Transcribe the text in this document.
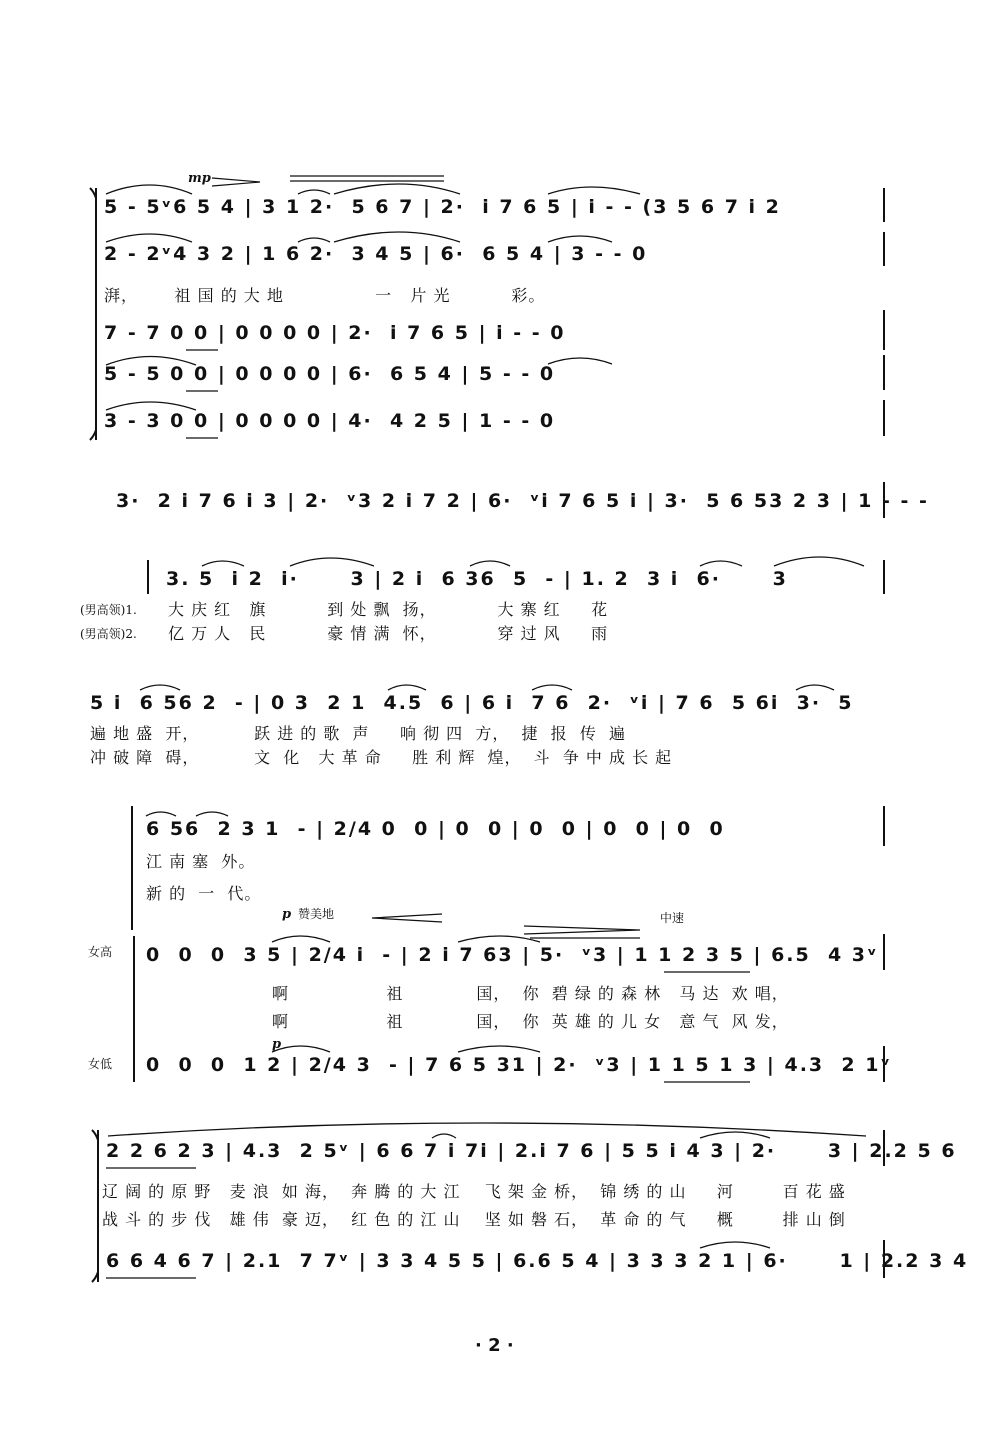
mp
5 - 5ᵛ6 5 4 | 3 1 2·  5 6 7 | 2·  i 7 6 5 | i - - (3 5 6 7 i 2
2 - 2ᵛ4 3 2 | 1 6 2·  3 4 5 | 6·  6 5 4 | 3 - - 0
湃，      祖 国 的 大 地               一   片 光          彩。
7 - 7 0 0 | 0 0 0 0 | 2·  i 7 6 5 | i - - 0
5 - 5 0 0 | 0 0 0 0 | 6·  6 5 4 | 5 - - 0
3 - 3 0 0 | 0 0 0 0 | 4·  4 2 5 | 1 - - 0
3·  2 i 7 6 i 3 | 2·  ᵛ3 2 i 7 2 | 6·  ᵛi 7 6 5 i | 3·  5 6 53 2 3 | 1 - - -
3. 5  i 2  i·      3 | 2 i  6 36  5  - | 1. 2  3 i  6·      3
(男高领)1. 大 庆 红   旗          到 处 飘  扬，          大 寨 红     花
(男高领)2. 亿 万 人   民          豪 情 满  怀，          穿 过 风     雨
5 i  6 56 2  - | 0 3  2 1  4.5  6 | 6 i  7 6  2·  ᵛi | 7 6  5 6i  3·  5
遍 地 盛  开，         跃 进 的 歌  声     响 彻 四  方，  捷  报  传  遍
冲 破 障  碍，         文  化   大 革 命     胜 利 辉  煌，  斗  争 中 成 长 起
6 56  2 3 1  - | 2/4 0  0 | 0  0 | 0  0 | 0  0 | 0  0
江 南 塞  外。
新 的  一  代。
p 赞美地	中速
女高 0  0  0  3 5 | 2/4 i  - | 2 i 7 63 | 5·  ᵛ3 | 1 1 2 3 5 | 6.5  4 3ᵛ
啊                祖            国，  你  碧 绿 的 森 林   马 达  欢 唱，
啊                祖            国，  你  英 雄 的 儿 女   意 气  风 发，
p
女低 0  0  0  1 2 | 2/4 3  - | 7 6 5 31 | 2·  ᵛ3 | 1 1 5 1 3 | 4.3  2 1ᵛ
2 2 6 2 3 | 4.3  2 5ᵛ | 6 6 7 i 7i | 2.i 7 6 | 5 5 i 4 3 | 2·      3 | 2.2 5 6
辽 阔 的 原 野   麦 浪  如 海，  奔 腾 的 大 江    飞 架 金 桥，  锦 绣 的 山     河        百 花 盛
战 斗 的 步 伐   雄 伟  豪 迈，  红 色 的 江 山    坚 如 磐 石，  革 命 的 气     概        排 山 倒
6 6 4 6 7 | 2.1  7 7ᵛ | 3 3 4 5 5 | 6.6 5 4 | 3 3 3 2 1 | 6·      1 | 2.2 3 4
· 2 ·
